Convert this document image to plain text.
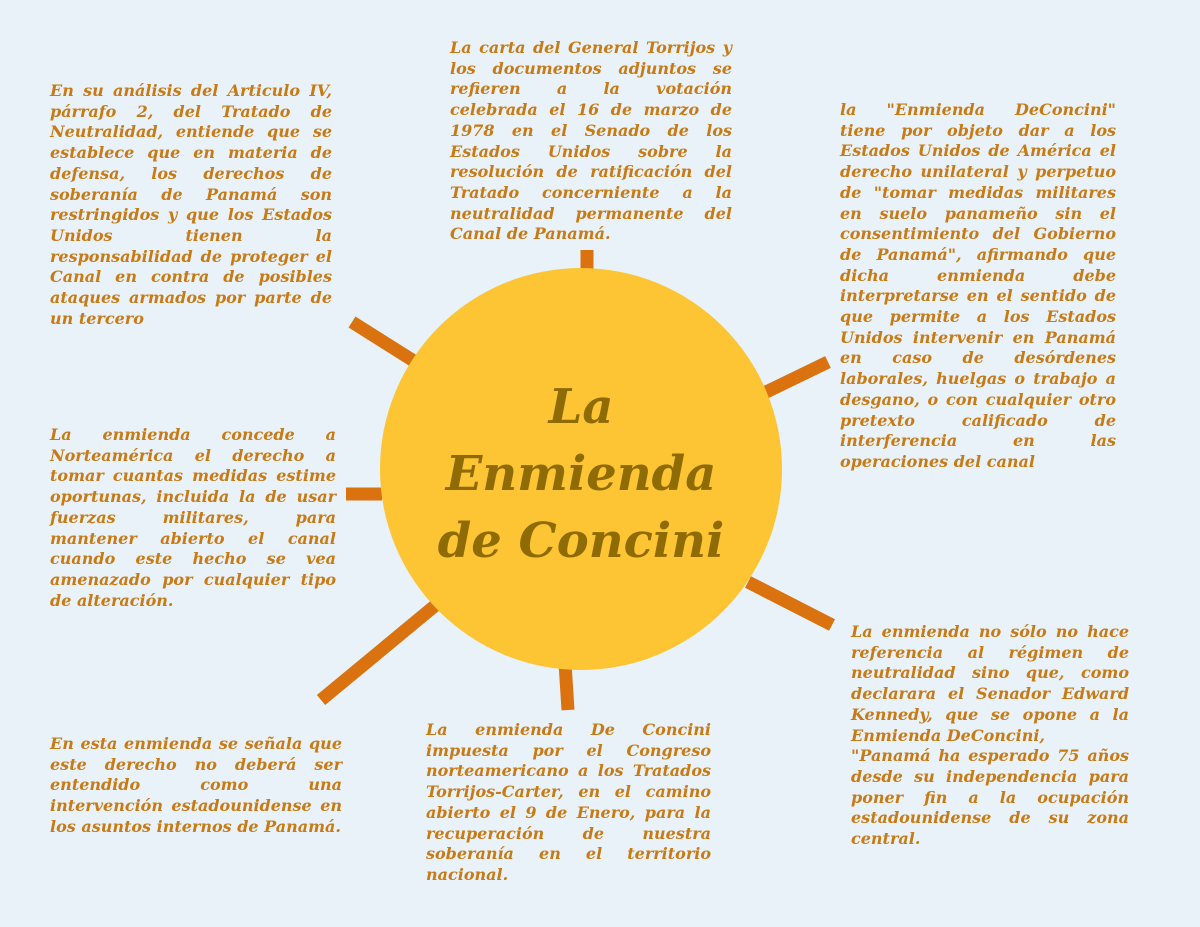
La
Enmienda
de Concini

La carta del General Torrijos y los documentos adjuntos se refieren a la votación celebrada el 16 de marzo de 1978 en el Senado de los Estados Unidos sobre la resolución de ratificación del Tratado concerniente a la neutralidad permanente del Canal de Panamá.

En su análisis del Articulo IV, párrafo 2, del Tratado de Neutralidad, entiende que se establece que en materia de defensa, los derechos de soberanía de Panamá son restringidos y que los Estados Unidos tienen la responsabilidad de proteger el Canal en contra de posibles ataques armados por parte de un tercero

la "Enmienda DeConcini" tiene por objeto dar a los Estados Unidos de América el derecho unilateral y perpetuo de "tomar medidas militares en suelo panameño sin el consentimiento del Gobierno de Panamá", afirmando que dicha enmienda debe interpretarse en el sentido de que permite a los Estados Unidos intervenir en Panamá en caso de desórdenes laborales, huelgas o trabajo a desgano, o con cualquier otro pretexto calificado de interferencia en las operaciones del canal

La enmienda concede a Norteamérica el derecho a tomar cuantas medidas estime oportunas, incluida la de usar fuerzas militares, para mantener abierto el canal cuando este hecho se vea amenazado por cualquier tipo de alteración.

La enmienda no sólo no hace referencia al régimen de neutralidad sino que, como declarara el Senador Edward Kennedy, que se opone a la Enmienda DeConcini,
"Panamá ha esperado 75 años desde su independencia para poner fin a la ocupación estadounidense de su zona central.

La enmienda De Concini impuesta por el Congreso norteamericano a los Tratados Torrijos-Carter, en el camino abierto el 9 de Enero, para la recuperación de nuestra soberanía en el territorio nacional.

En esta enmienda se señala que este derecho no deberá ser entendido como una intervención estadounidense en los asuntos internos de Panamá.
